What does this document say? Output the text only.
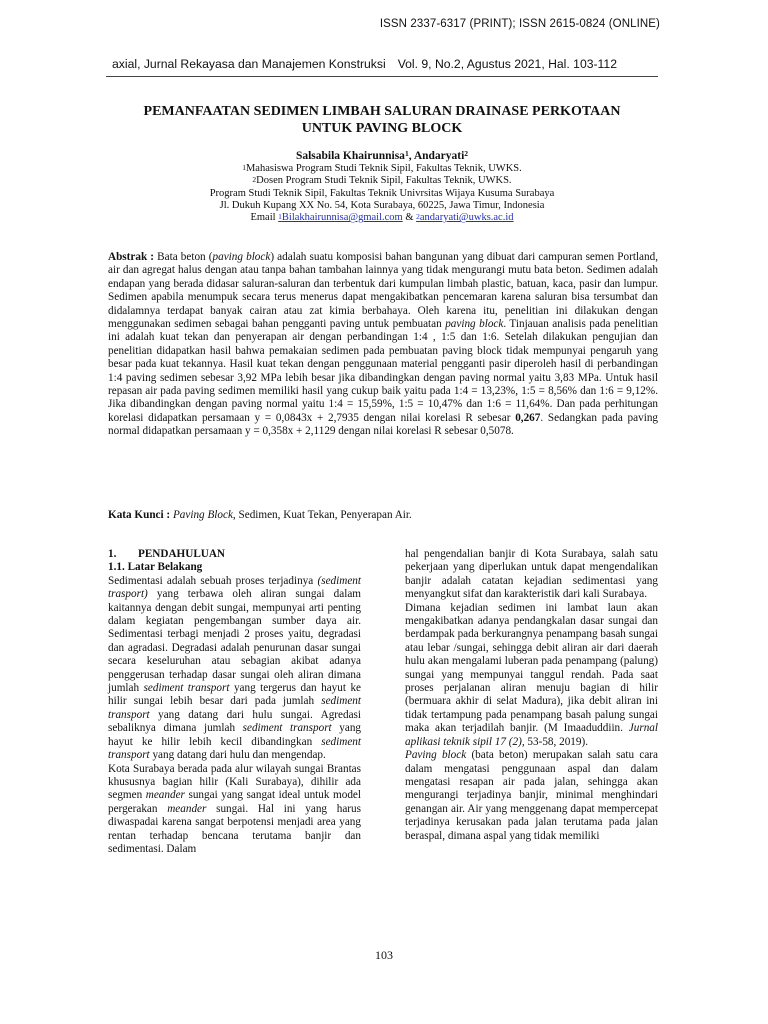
ISSN 2337-6317 (PRINT); ISSN 2615-0824 (ONLINE)
axial, Jurnal Rekayasa dan Manajemen Konstruksi Vol. 9, No.2, Agustus 2021, Hal. 103-112
PEMANFAATAN SEDIMEN LIMBAH SALURAN DRAINASE PERKOTAAN
UNTUK PAVING BLOCK
Salsabila Khairunnisa$^1$, Andaryati$^2$
$^1$Mahasiswa Program Studi Teknik Sipil, Fakultas Teknik, UWKS.
$^2$Dosen Program Studi Teknik Sipil, Fakultas Teknik, UWKS.
Program Studi Teknik Sipil, Fakultas Teknik Univrsitas Wijaya Kusuma Surabaya
Jl. Dukuh Kupang XX No. 54, Kota Surabaya, 60225, Jawa Timur, Indonesia
Email $^1$Bilakhairunnisa@gmail.com & $^2$andaryati@uwks.ac.id
Abstrak : Bata beton (paving block) adalah suatu komposisi bahan bangunan yang dibuat dari campuran semen Portland, air dan agregat halus dengan atau tanpa bahan tambahan lainnya yang tidak mengurangi mutu bata beton. Sedimen adalah endapan yang berada didasar saluran-saluran dan terbentuk dari kumpulan limbah plastic, batuan, kaca, pasir dan lumpur. Sedimen apabila menumpuk secara terus menerus dapat mengakibatkan pencemaran karena saluran bisa tersumbat dan didalamnya terdapat banyak cairan atau zat kimia berbahaya. Oleh karena itu, penelitian ini dilakukan dengan menggunakan sedimen sebagai bahan pengganti paving untuk pembuatan paving block. Tinjauan analisis pada penelitian ini adalah kuat tekan dan penyerapan air dengan perbandingan 1:4 , 1:5 dan 1:6. Setelah dilakukan pengujian dan penelitian didapatkan hasil bahwa pemakaian sedimen pada pembuatan paving block tidak mempunyai pengaruh yang besar pada kuat tekannya. Hasil kuat tekan dengan penggunaan material pengganti pasir diperoleh hasil di perbandingan 1:4 paving sedimen sebesar 3,92 MPa lebih besar jika dibandingkan dengan paving normal yaitu 3,83 MPa. Untuk hasil repasan air pada paving sedimen memiliki hasil yang cukup baik yaitu pada 1:4 = 13,23%, 1:5 = 8,56% dan 1:6 = 9,12%. Jika dibandingkan dengan paving normal yaitu 1:4 = 15,59%, 1:5 = 10,47% dan 1:6 = 11,64%. Dan pada perhitungan korelasi didapatkan persamaan y = 0,0843x + 2,7935 dengan nilai korelasi R sebesar 0,267. Sedangkan pada paving normal didapatkan persamaan y = 0,358x + 2,1129 dengan nilai korelasi R sebesar 0,5078.
Kata Kunci : Paving Block, Sedimen, Kuat Tekan, Penyerapan Air.

1. PENDAHULUAN

1.1. Latar Belakang

Sedimentasi adalah sebuah proses terjadinya (sediment trasport) yang terbawa oleh aliran sungai dalam kaitannya dengan debit sungai, mempunyai arti penting dalam kegiatan pengembangan sumber daya air. Sedimentasi terbagi menjadi 2 proses yaitu, degradasi dan agradasi. Degradasi adalah penurunan dasar sungai secara keseluruhan atau sebagian akibat adanya penggerusan terhadap dasar sungai oleh aliran dimana jumlah sediment transport yang tergerus dan hayut ke hilir sungai lebih besar dari pada jumlah sediment transport yang datang dari hulu sungai. Agredasi sebaliknya dimana jumlah sediment transport yang hayut ke hilir lebih kecil dibandingkan sediment transport yang datang dari hulu dan mengendap.

Kota Surabaya berada pada alur wilayah sungai Brantas khususnya bagian hilir (Kali Surabaya), dihilir ada segmen meander sungai yang sangat ideal untuk model pergerakan meander sungai. Hal ini yang harus diwaspadai karena sangat berpotensi menjadi area yang rentan terhadap bencana terutama banjir dan sedimentasi. Dalam

hal pengendalian banjir di Kota Surabaya, salah satu pekerjaan yang diperlukan untuk dapat mengendalikan banjir adalah catatan kejadian sedimentasi yang menyangkut sifat dan karakteristik dari kali Surabaya.

Dimana kejadian sedimen ini lambat laun akan mengakibatkan adanya pendangkalan dasar sungai dan berdampak pada berkurangnya penampang basah sungai atau lebar /sungai, sehingga debit aliran air dari daerah hulu akan mengalami luberan pada penampang (palung) sungai yang mempunyai tanggul rendah. Pada saat proses perjalanan aliran menuju bagian di hilir (bermuara akhir di selat Madura), jika debit aliran ini tidak tertampung pada penampang basah palung sungai maka akan terjadilah banjir. (M Imaaduddiin. Jurnal aplikasi teknik sipil 17 (2), 53-58, 2019).

Paving block (bata beton) merupakan salah satu cara dalam mengatasi penggunaan aspal dan dalam mengatasi resapan air pada jalan, sehingga akan mengurangi terjadinya banjir, minimal menghindari genangan air. Air yang menggenang dapat mempercepat terjadinya kerusakan pada jalan terutama pada jalan beraspal, dimana aspal yang tidak memiliki

103
